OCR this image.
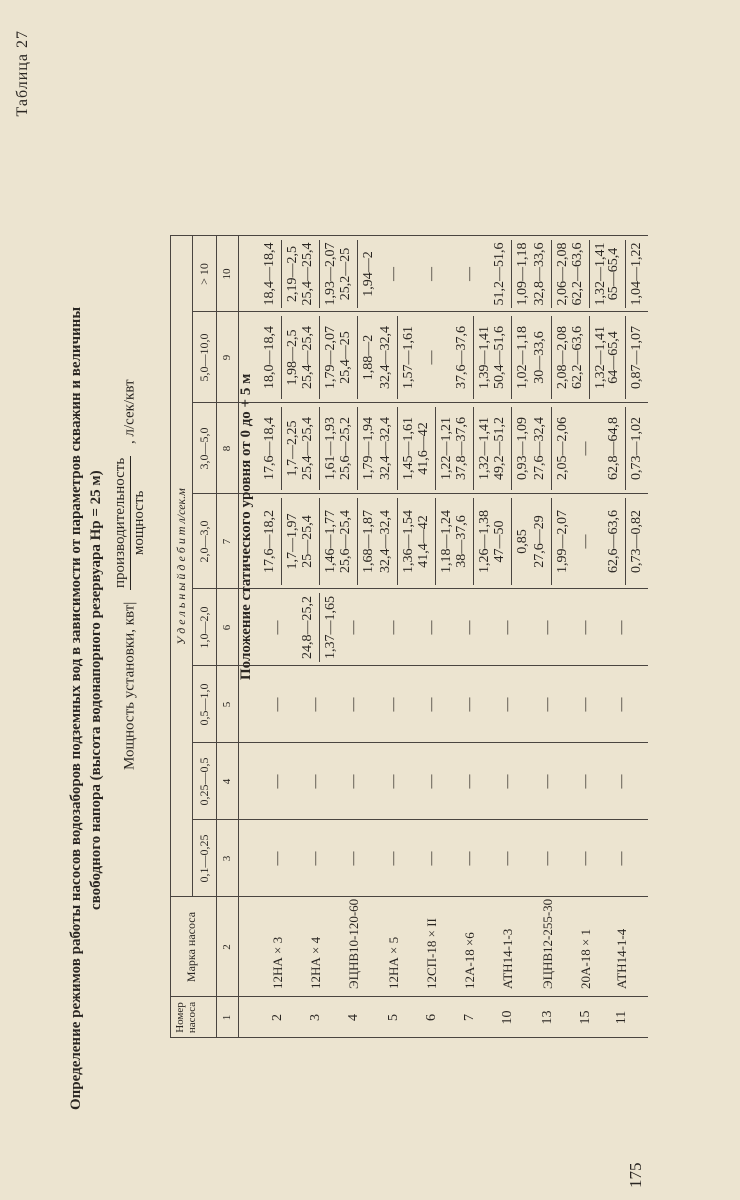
Таблица 27
Определение режимов работы насосов водозаборов подземных вод в зависимости от параметров скважин и величины свободного напора (высота водонапорного резервуара Hр = 25 м)	Мощность установки, квт|
производительность мощность
, л/сек/квт
Номер насоса
Марка насоса
У д е л ь н ы й д е б и т л/сек.м
0,1—0,25
0,25—0,5
0,5—1,0
1,0—2,0
2,0—3,0
3,0—5,0
5,0—10,0
> 10
1
2
3
4
5
6
7
8
9
10
2
12НА × 3
—
—
—
—
17,6—18,2 1,7—1,97
17,6—18,4 1,7—2,25
18,0—18,4 1,98—2,5
18,4—18,4 2,19—2,5
3
12НА × 4
—
—
—
24,8—25,2 1,37—1,65
25—25,4 1,46—1,77
25,4—25,4 1,61—1,93
25,4—25,4 1,79—2,07
25,4—25,4 1,93—2,07
4
ЭЦНВ10-120-60
—
—
—
—
25,6—25,4 1,68—1,87
25,6—25,2 1,79—1,94
25,4—25 1,88—2
25,2—25 1,94—2
5
12НА × 5
—
—
—
—
32,4—32,4 1,36—1,54
32,4—32,4 1,45—1,61
32,4—32,4 1,57—1,61
—
6
12СП-18 × II
—
—
—
—
41,4—42 1,18—1,24
41,6—42 1,22—1,21
—
—
7
12А-18 ×6
—
—
—
—
38—37,6 1,26—1,38
37,8—37,6 1,32—1,41
37,6—37,6 1,39—1,41
—
10
АТН14-1-3
—
—
—
—
47—50 0,85
49,2—51,2 0,93—1,09
50,4—51,6 1,02—1,18
51,2—51,6 1,09—1,18
13
ЭЦНВ12-255-30
—
—
—
—
27,6—29 1,99—2,07
27,6—32,4 2,05—2,06
30—33,6 2,08—2,08
32,8—33,6 2,06—2,08
15
20А-18 × 1
—
—
—
—
—
—
62,2—63,6 1,32—1,41
62,2—63,6 1,32—1,41
11
АТН14-1-4
—
—
—
—
62,6—63,6 0,73—0,82
62,8—64,8 0,73—1,02
64—65,4 0,87—1,07
65—65,4 1,04—1,22
Положение статического уровня от 0 до + 5 м
175
